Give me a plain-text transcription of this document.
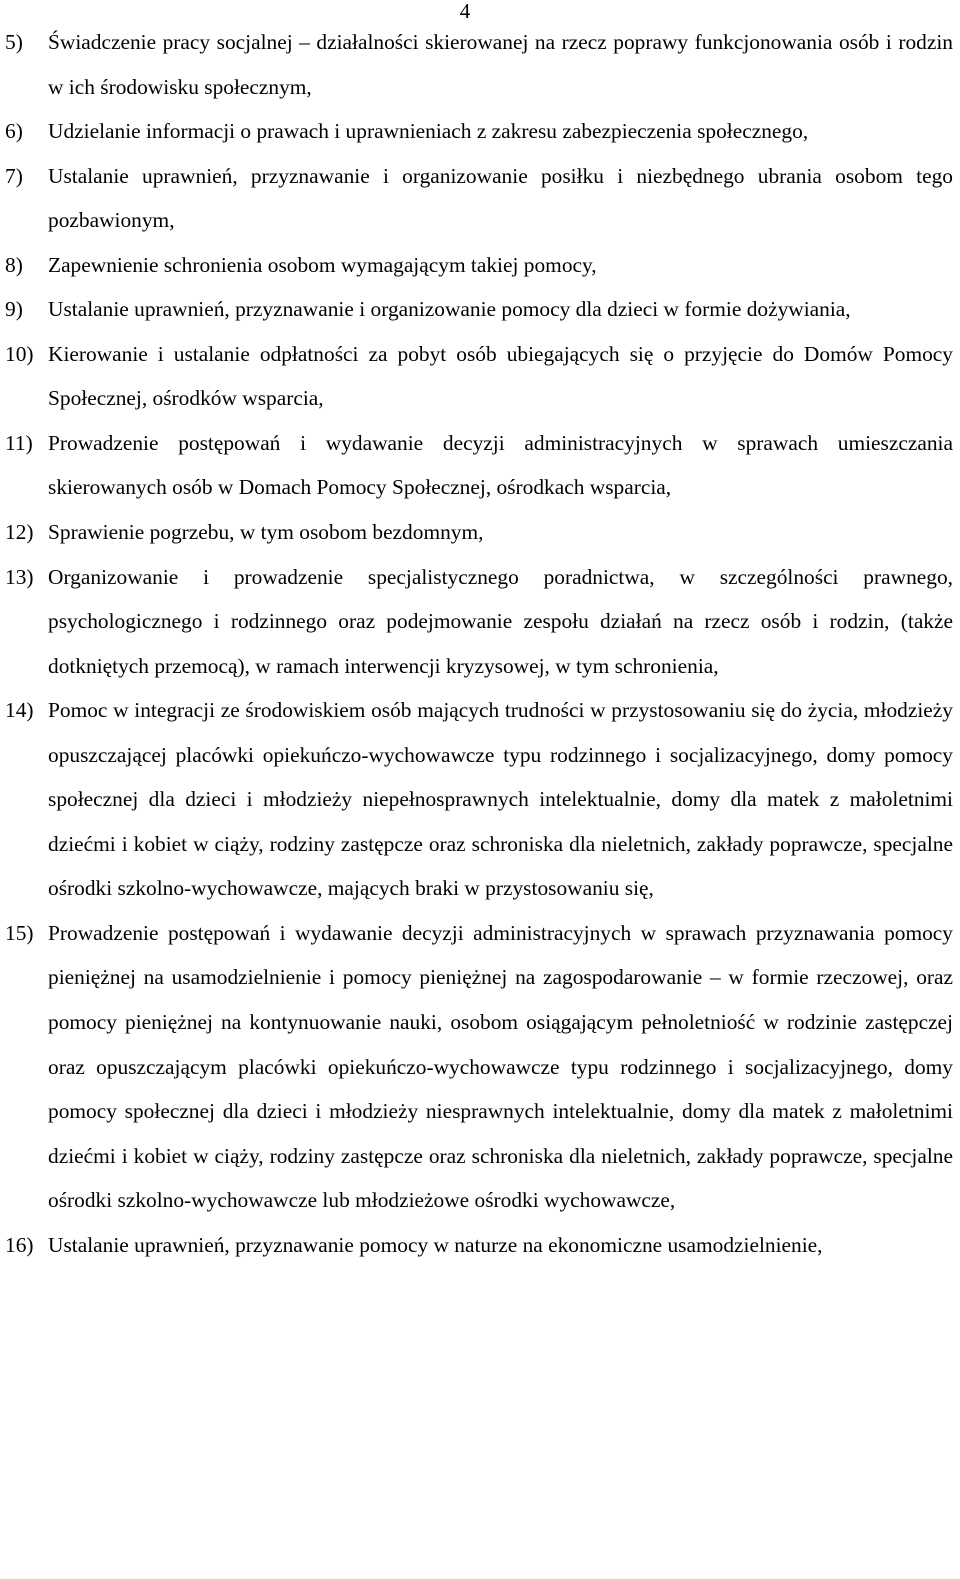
4
5)	Świadczenie pracy socjalnej – działalności skierowanej na rzecz poprawy funkcjonowania osób i rodzin w ich środowisku społecznym,
6)	Udzielanie informacji o prawach i uprawnieniach z zakresu zabezpieczenia społecznego,
7)	Ustalanie uprawnień, przyznawanie i organizowanie posiłku i niezbędnego ubrania osobom tego pozbawionym,
8)	Zapewnienie schronienia osobom wymagającym takiej pomocy,
9)	Ustalanie uprawnień, przyznawanie i organizowanie pomocy dla dzieci w formie dożywiania,
10) Kierowanie i ustalanie odpłatności za pobyt osób ubiegających się o przyjęcie do Domów Pomocy Społecznej, ośrodków wsparcia,
11) Prowadzenie postępowań i wydawanie decyzji administracyjnych w sprawach umieszczania skierowanych osób w Domach Pomocy Społecznej, ośrodkach wsparcia,
12) Sprawienie pogrzebu, w tym osobom bezdomnym,
13) Organizowanie i prowadzenie specjalistycznego poradnictwa, w szczególności prawnego, psychologicznego i rodzinnego oraz podejmowanie zespołu działań na rzecz osób i rodzin, (także dotkniętych przemocą), w ramach interwencji kryzysowej, w tym schronienia,
14) Pomoc w integracji ze środowiskiem osób mających trudności w przystosowaniu się do życia, młodzieży opuszczającej placówki opiekuńczo-wychowawcze typu rodzinnego i socjalizacyjnego, domy pomocy społecznej dla dzieci i młodzieży niepełnosprawnych intelektualnie, domy dla matek z małoletnimi dziećmi i kobiet w ciąży, rodziny zastępcze oraz schroniska dla nieletnich, zakłady poprawcze, specjalne ośrodki szkolno-wychowawcze, mających braki w przystosowaniu się,
15) Prowadzenie postępowań i wydawanie decyzji administracyjnych w sprawach przyznawania pomocy pieniężnej na usamodzielnienie i pomocy pieniężnej na zagospodarowanie – w formie rzeczowej, oraz pomocy pieniężnej na kontynuowanie nauki, osobom osiągającym pełnoletniość w rodzinie zastępczej oraz opuszczającym placówki opiekuńczo-wychowawcze typu rodzinnego i socjalizacyjnego, domy pomocy społecznej dla dzieci i młodzieży niesprawnych intelektualnie, domy dla matek z małoletnimi dziećmi i kobiet w ciąży, rodziny zastępcze oraz schroniska dla nieletnich, zakłady poprawcze, specjalne ośrodki szkolno-wychowawcze lub młodzieżowe ośrodki wychowawcze,
16) Ustalanie uprawnień, przyznawanie pomocy w naturze na ekonomiczne usamodzielnienie,
